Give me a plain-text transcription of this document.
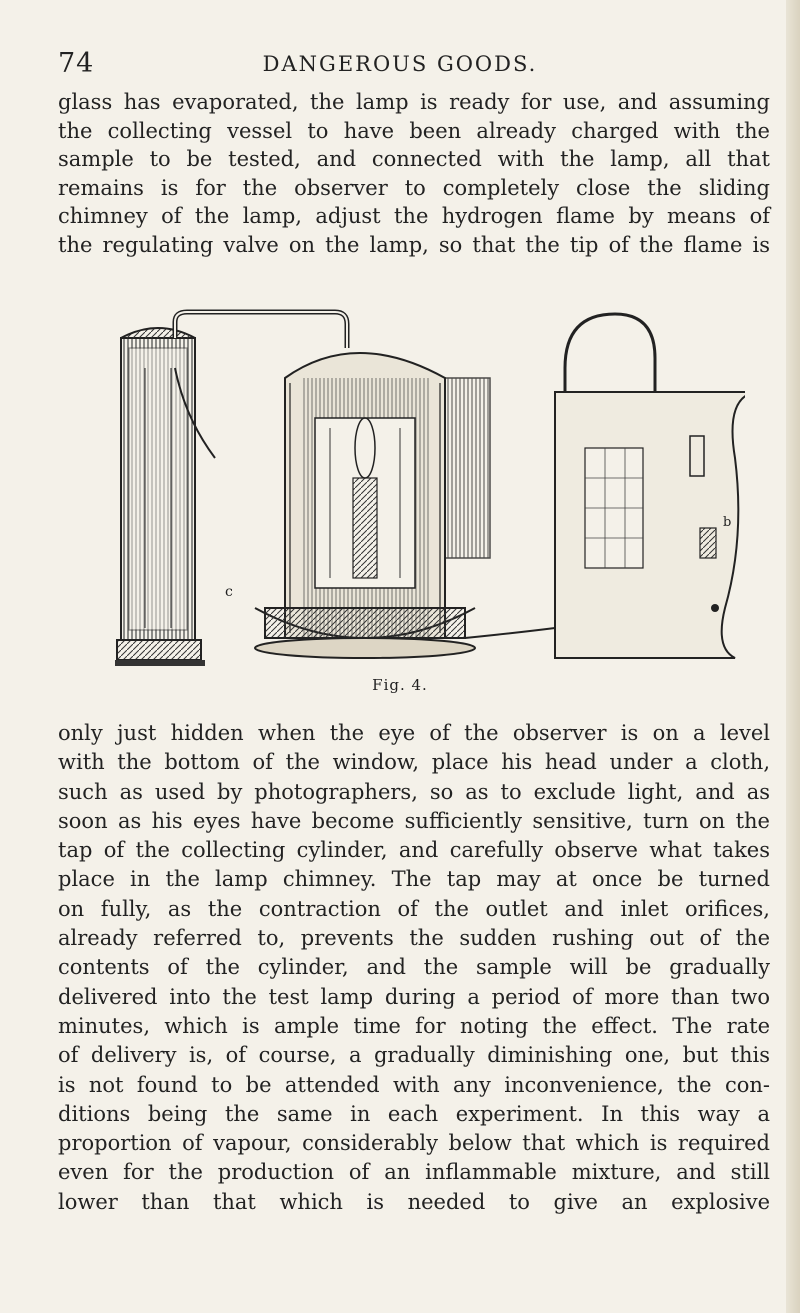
74	DANGEROUS GOODS.
glass has evaporated, the lamp is ready for use, and assuming
the collecting vessel to have been already charged with the
sample to be tested, and connected with the lamp, all that
remains is for the observer to completely close the sliding
chimney of the lamp, adjust the hydrogen flame by means of
the regulating valve on the lamp, so that the tip of the flame is
c
b
Fig. 4.
only just hidden when the eye of the observer is on a level
with the bottom of the window, place his head under a cloth,
such as used by photographers, so as to exclude light, and as
soon as his eyes have become sufficiently sensitive, turn on the
tap of the collecting cylinder, and carefully observe what takes
place in the lamp chimney. The tap may at once be turned
on fully, as the contraction of the outlet and inlet orifices,
already referred to, prevents the sudden rushing out of the
contents of the cylinder, and the sample will be gradually
delivered into the test lamp during a period of more than two
minutes, which is ample time for noting the effect. The rate
of delivery is, of course, a gradually diminishing one, but this
is not found to be attended with any inconvenience, the con-
ditions being the same in each experiment. In this way a
proportion of vapour, considerably below that which is required
even for the production of an inflammable mixture, and still
lower than that which is needed to give an explosive
